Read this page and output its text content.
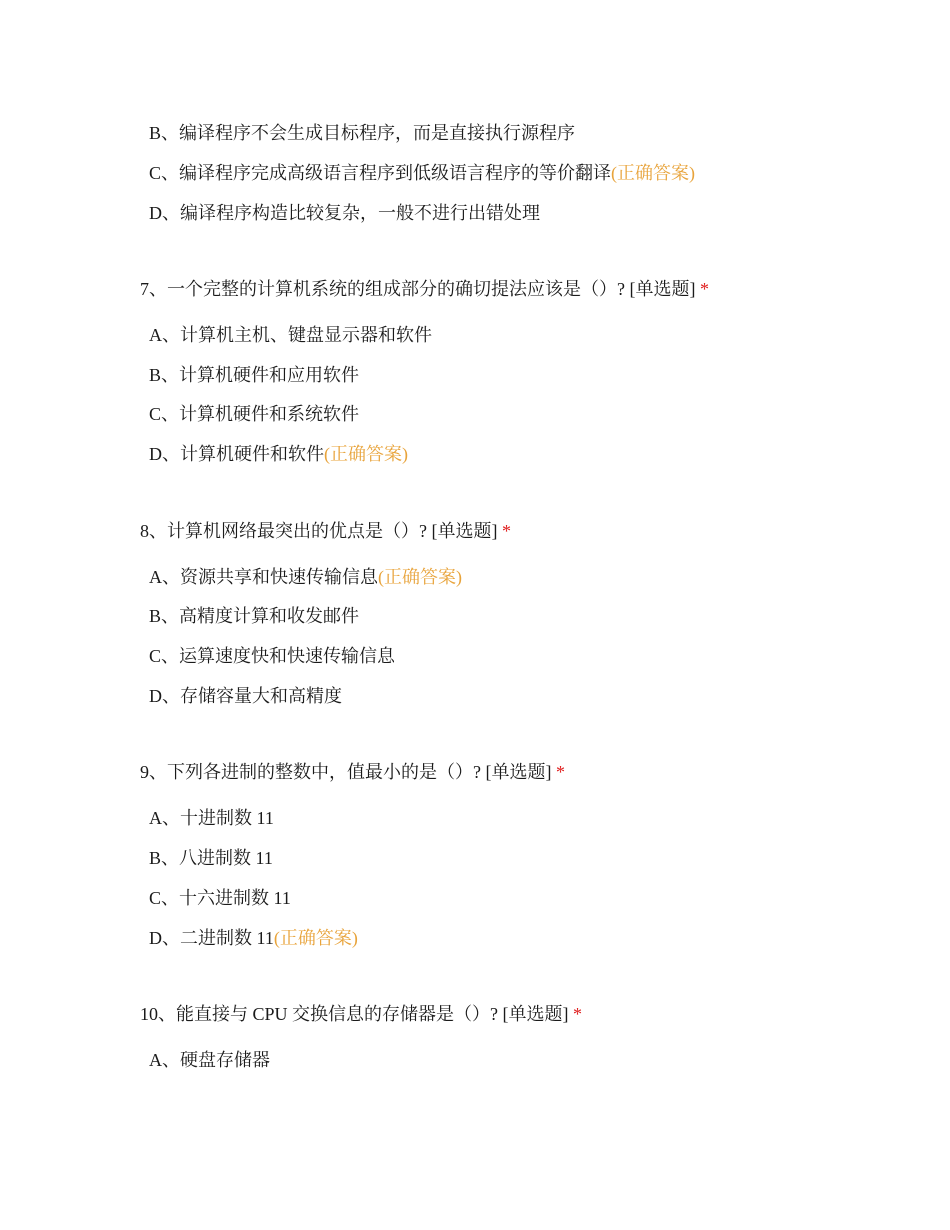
B、编译程序不会生成目标程序，而是直接执行源程序
C、编译程序完成高级语言程序到低级语言程序的等价翻译(正确答案)
D、编译程序构造比较复杂，一般不进行出错处理
7、一个完整的计算机系统的组成部分的确切提法应该是（）? [单选题] *
A、计算机主机、键盘显示器和软件
B、计算机硬件和应用软件
C、计算机硬件和系统软件
D、计算机硬件和软件(正确答案)
8、计算机网络最突出的优点是（）? [单选题] *
A、资源共享和快速传输信息(正确答案)
B、高精度计算和收发邮件
C、运算速度快和快速传输信息
D、存储容量大和高精度
9、下列各进制的整数中，值最小的是（）? [单选题] *
A、十进制数 11
B、八进制数 11
C、十六进制数 11
D、二进制数 11(正确答案)
10、能直接与 CPU 交换信息的存储器是（）? [单选题] *
A、硬盘存储器
